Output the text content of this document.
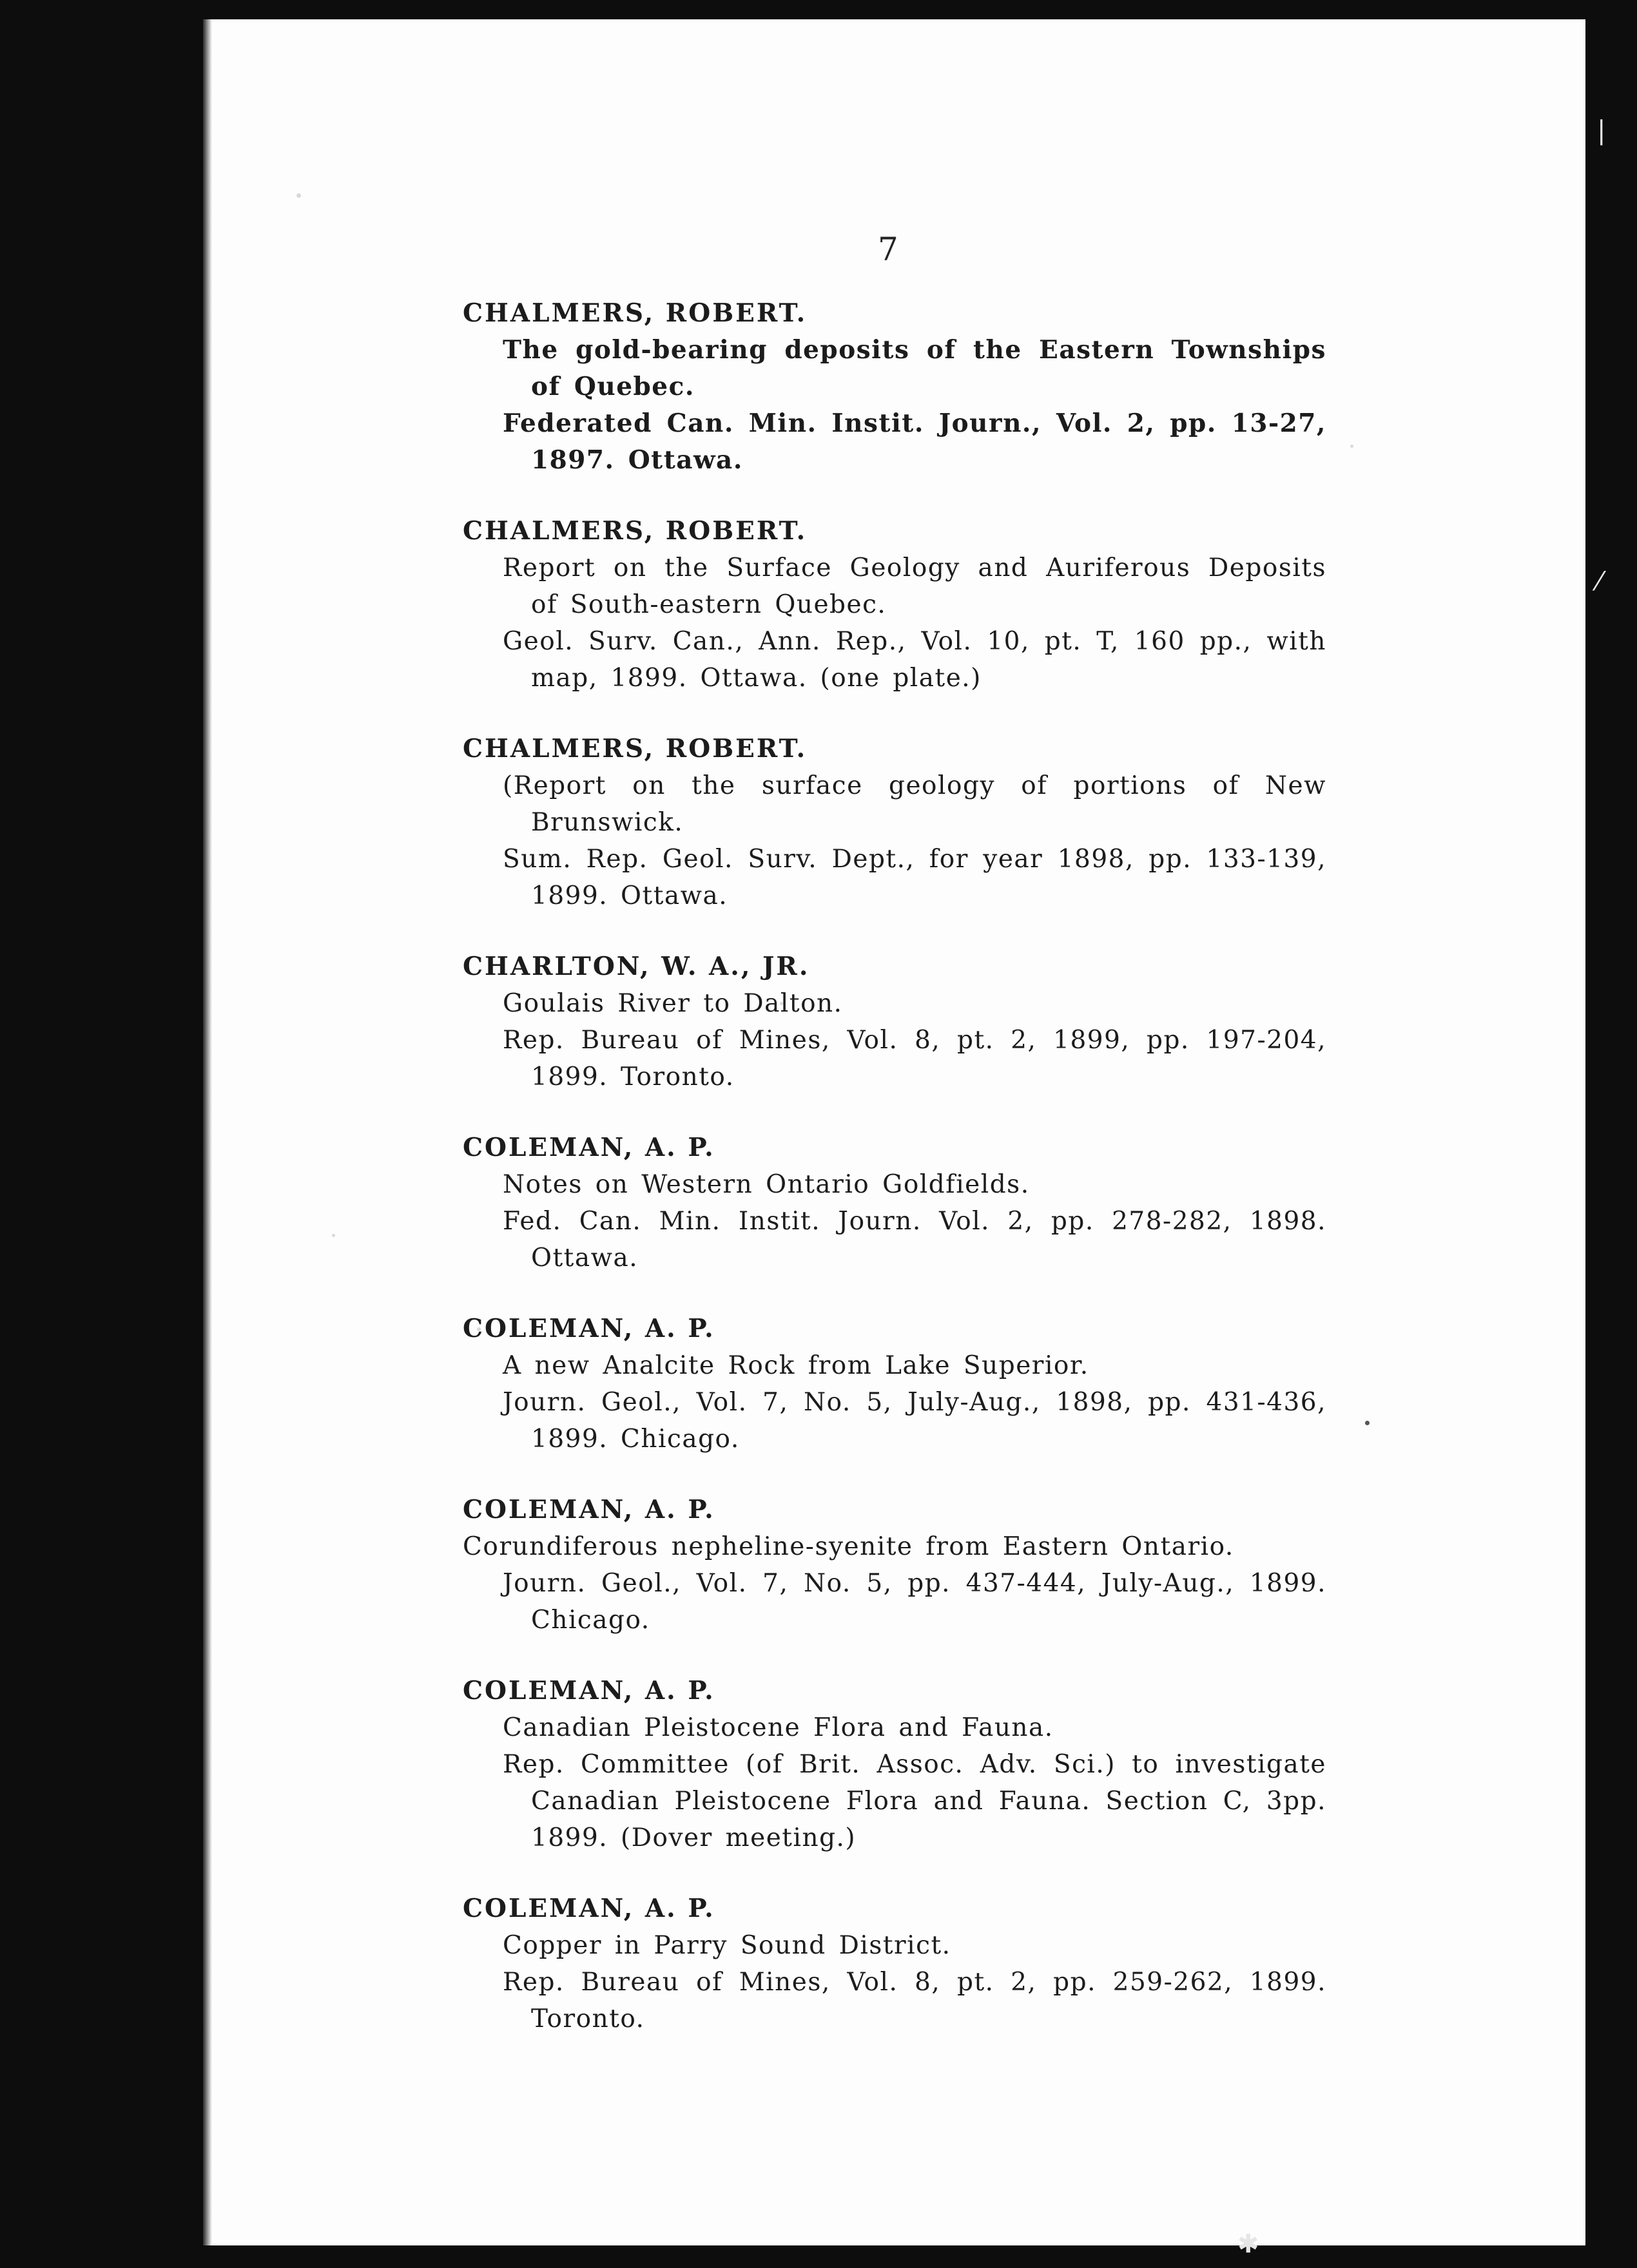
|
⁄
✱
7
CHALMERS, ROBERT.
The gold-bearing deposits of the Eastern Townships of Quebec.
Federated Can. Min. Instit. Journ., Vol. 2, pp. 13-27, 1897. Ottawa.
CHALMERS, ROBERT.
Report on the Surface Geology and Auriferous Deposits of South-eastern Quebec.
Geol. Surv. Can., Ann. Rep., Vol. 10, pt. T, 160 pp., with map, 1899. Ottawa. (one plate.)
CHALMERS, ROBERT.
(Report on the surface geology of portions of New Brunswick.
Sum. Rep. Geol. Surv. Dept., for year 1898, pp. 133-139, 1899. Ottawa.
CHARLTON, W. A., JR.
Goulais River to Dalton.
Rep. Bureau of Mines, Vol. 8, pt. 2, 1899, pp. 197-204, 1899. Toronto.
COLEMAN, A. P.
Notes on Western Ontario Goldfields.
Fed. Can. Min. Instit. Journ. Vol. 2, pp. 278-282, 1898. Ottawa.
COLEMAN, A. P.
A new Analcite Rock from Lake Superior.
Journ. Geol., Vol. 7, No. 5, July-Aug., 1898, pp. 431-436, 1899. Chicago.
COLEMAN, A. P.
Corundiferous nepheline-syenite from Eastern Ontario.
Journ. Geol., Vol. 7, No. 5, pp. 437-444, July-Aug., 1899. Chicago.
COLEMAN, A. P.
Canadian Pleistocene Flora and Fauna.
Rep. Committee (of Brit. Assoc. Adv. Sci.) to investigate Canadian Pleistocene Flora and Fauna. Section C, 3pp. 1899. (Dover meeting.)
COLEMAN, A. P.
Copper in Parry Sound District.
Rep. Bureau of Mines, Vol. 8, pt. 2, pp. 259-262, 1899. Toronto.
